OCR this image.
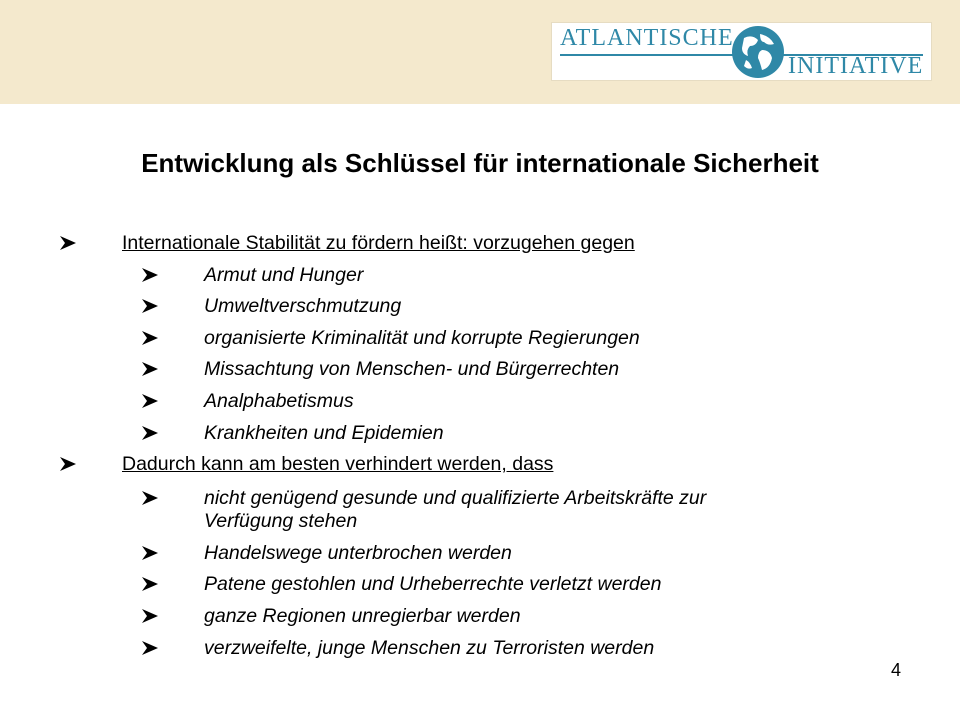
ATLANTISCHE
INITIATIVE
Entwicklung als Schlüssel für internationale Sicherheit
Internationale Stabilität zu fördern heißt: vorzugehen gegen
Armut und Hunger
Umweltverschmutzung
organisierte Kriminalität und korrupte Regierungen
Missachtung von Menschen- und Bürgerrechten
Analphabetismus
Krankheiten und Epidemien
Dadurch kann am besten verhindert werden, dass
nicht genügend gesunde und qualifizierte Arbeitskräfte zur
Verfügung stehen
Handelswege unterbrochen werden
Patene gestohlen und Urheberrechte verletzt werden
ganze Regionen unregierbar werden
verzweifelte, junge Menschen zu Terroristen werden
4
